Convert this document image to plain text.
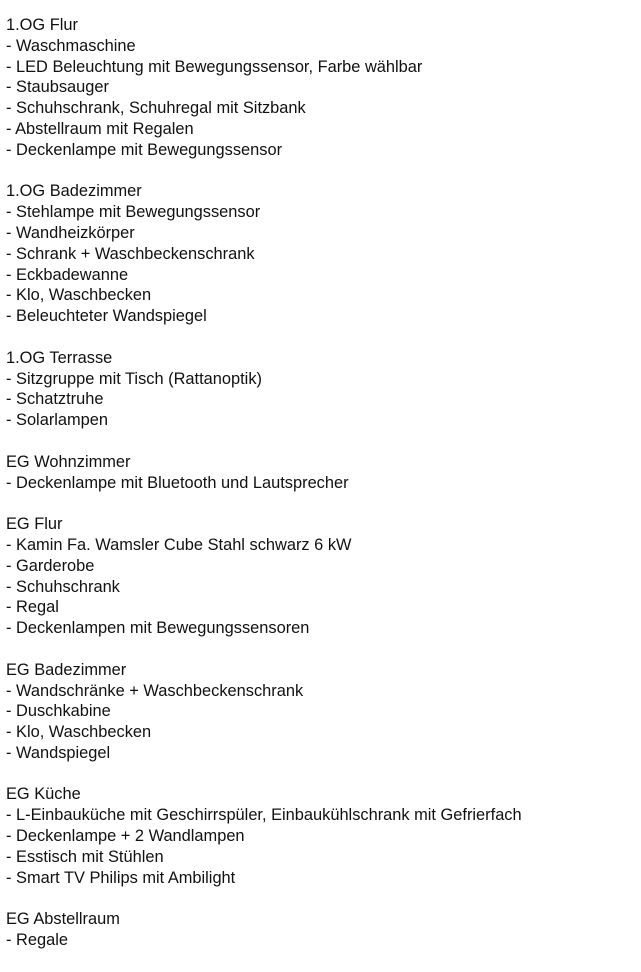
1.OG Flur
- Waschmaschine
- LED Beleuchtung mit Bewegungssensor, Farbe wählbar
- Staubsauger
- Schuhschrank, Schuhregal mit Sitzbank
- Abstellraum mit Regalen
- Deckenlampe mit Bewegungssensor
1.OG Badezimmer
- Stehlampe mit Bewegungssensor
- Wandheizkörper
- Schrank + Waschbeckenschrank
- Eckbadewanne
- Klo, Waschbecken
- Beleuchteter Wandspiegel
1.OG Terrasse
- Sitzgruppe mit Tisch (Rattanoptik)
- Schatztruhe
- Solarlampen
EG Wohnzimmer
- Deckenlampe mit Bluetooth und Lautsprecher
EG Flur
- Kamin Fa. Wamsler Cube Stahl schwarz 6 kW
- Garderobe
- Schuhschrank
- Regal
- Deckenlampen mit Bewegungssensoren
EG Badezimmer
- Wandschränke + Waschbeckenschrank
- Duschkabine
- Klo, Waschbecken
- Wandspiegel
EG Küche
- L-Einbauküche mit Geschirrspüler, Einbaukühlschrank mit Gefrierfach
- Deckenlampe + 2 Wandlampen
- Esstisch mit Stühlen
- Smart TV Philips mit Ambilight
EG Abstellraum
- Regale
